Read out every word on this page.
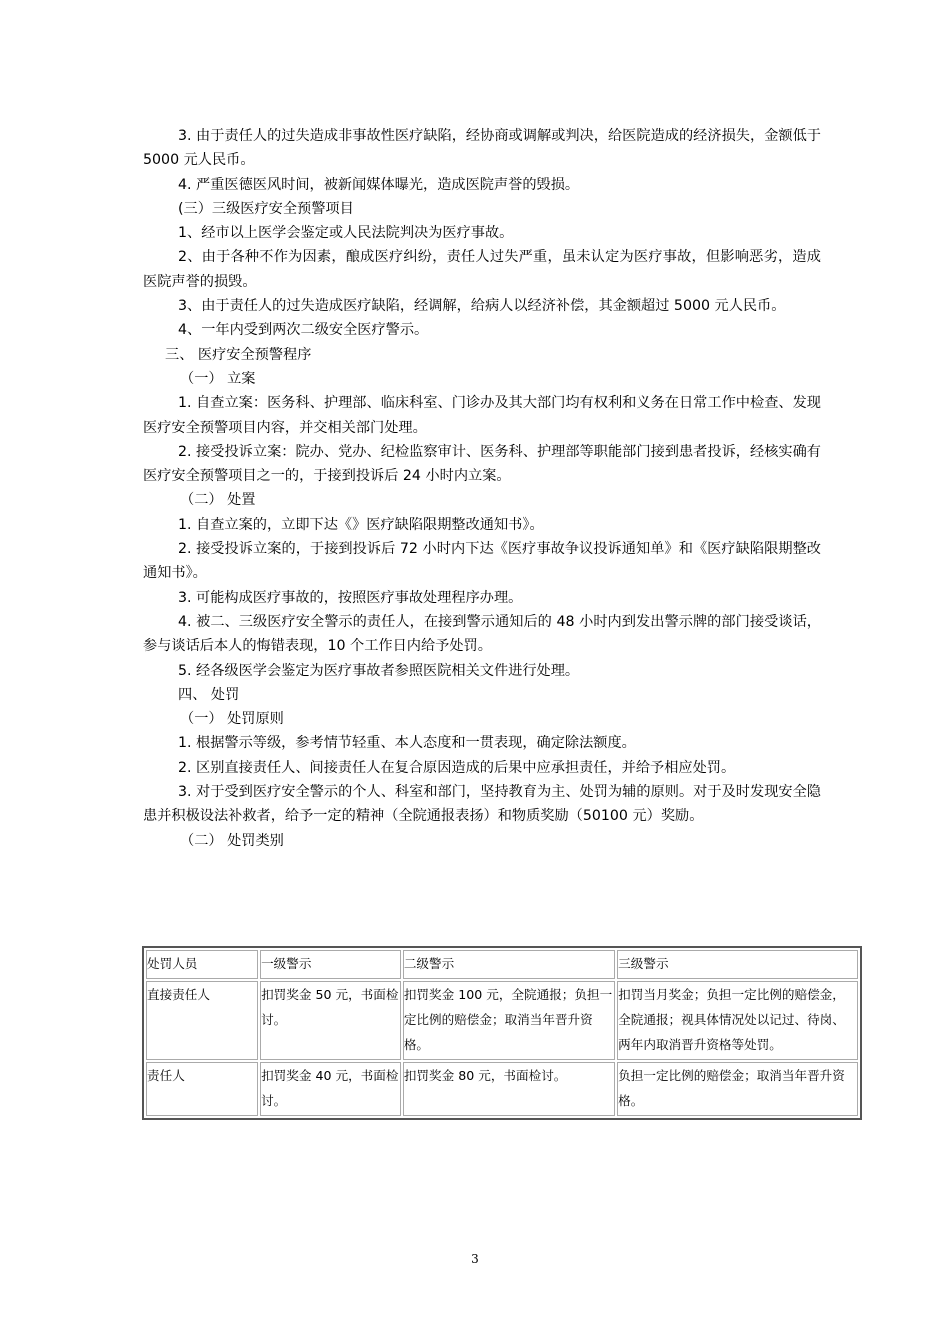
3. 由于责任人的过失造成非事故性医疗缺陷，经协商或调解或判决，给医院造成的经济损失，金额低于 5000 元人民币。

4. 严重医德医风时间，被新闻媒体曝光，造成医院声誉的毁损。

(三）三级医疗安全预警项目

1、经市以上医学会鉴定或人民法院判决为医疗事故。

2、由于各种不作为因素，酿成医疗纠纷，责任人过失严重，虽未认定为医疗事故，但影响恶劣，造成医院声誉的损毁。

3、由于责任人的过失造成医疗缺陷，经调解，给病人以经济补偿，其金额超过 5000 元人民币。

4、一年内受到两次二级安全医疗警示。

三、 医疗安全预警程序

（一） 立案

1. 自查立案：医务科、护理部、临床科室、门诊办及其大部门均有权利和义务在日常工作中检查、发现医疗安全预警项目内容，并交相关部门处理。

2. 接受投诉立案：院办、党办、纪检监察审计、医务科、护理部等职能部门接到患者投诉，经核实确有医疗安全预警项目之一的，于接到投诉后 24 小时内立案。

（二） 处置

1. 自查立案的，立即下达《》医疗缺陷限期整改通知书》。

2. 接受投诉立案的，于接到投诉后 72 小时内下达《医疗事故争议投诉通知单》和《医疗缺陷限期整改通知书》。

3. 可能构成医疗事故的，按照医疗事故处理程序办理。

4. 被二、三级医疗安全警示的责任人，在接到警示通知后的 48 小时内到发出警示牌的部门接受谈话，参与谈话后本人的悔错表现，10 个工作日内给予处罚。

5. 经各级医学会鉴定为医疗事故者参照医院相关文件进行处理。

四、 处罚

（一） 处罚原则

1. 根据警示等级，参考情节轻重、本人态度和一贯表现，确定除法额度。

2. 区别直接责任人、间接责任人在复合原因造成的后果中应承担责任，并给予相应处罚。

3. 对于受到医疗安全警示的个人、科室和部门，坚持教育为主、处罚为辅的原则。对于及时发现安全隐患并积极设法补救者，给予一定的精神（全院通报表扬）和物质奖励（50100 元）奖励。

（二） 处罚类别

处罚人员	一级警示	二级警示	三级警示
直接责任人	扣罚奖金 50 元，书面检讨。	扣罚奖金 100 元，全院通报；负担一定比例的赔偿金；取消当年晋升资格。	扣罚当月奖金；负担一定比例的赔偿金，全院通报；视具体情况处以记过、待岗、两年内取消晋升资格等处罚。
责任人	扣罚奖金 40 元，书面检讨。	扣罚奖金 80 元，书面检讨。	负担一定比例的赔偿金；取消当年晋升资格。
3
